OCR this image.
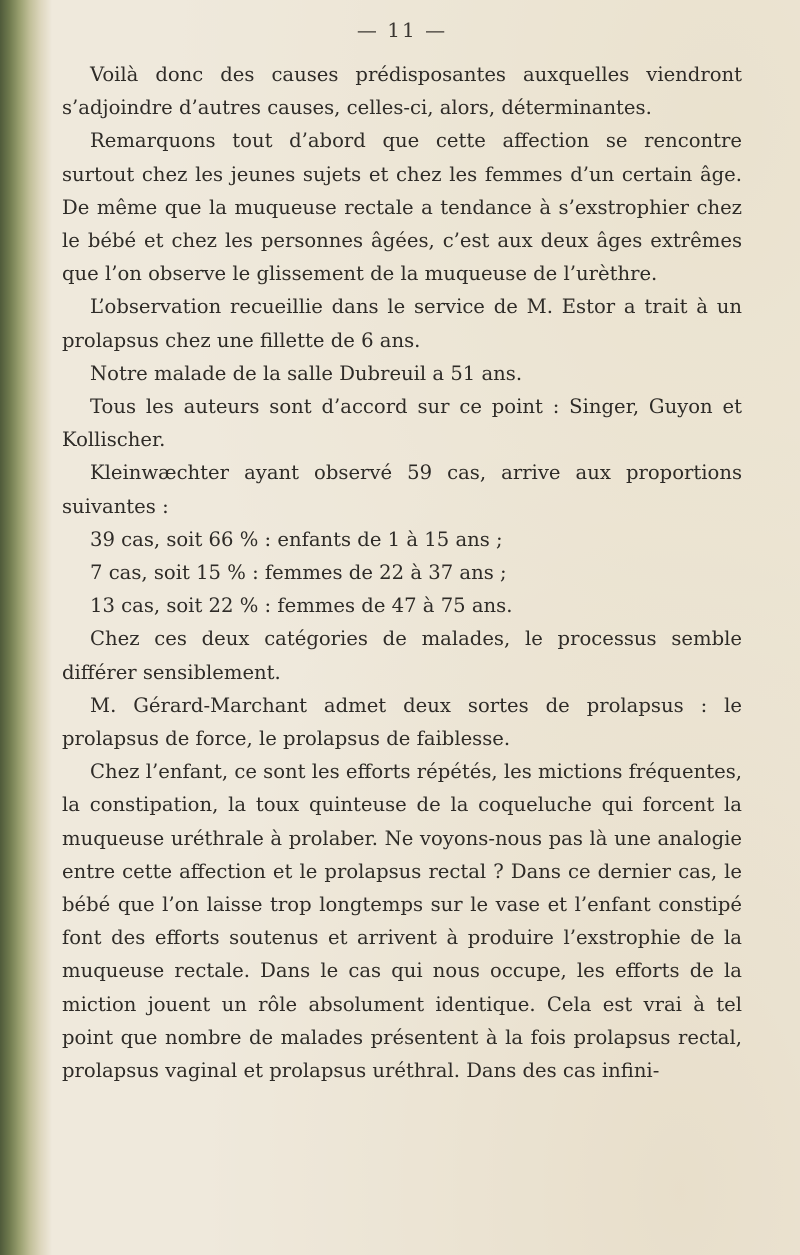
— 11 —

Voilà donc des causes prédisposantes auxquelles viendront s’adjoindre d’autres causes, celles-ci, alors, déterminantes.

Remarquons tout d’abord que cette affection se rencontre surtout chez les jeunes sujets et chez les femmes d’un certain âge. De même que la muqueuse rectale a tendance à s’exstrophier chez le bébé et chez les personnes âgées, c’est aux deux âges extrêmes que l’on observe le glissement de la muqueuse de l’urèthre.

L’observation recueillie dans le service de M. Estor a trait à un prolapsus chez une fillette de 6 ans.

Notre malade de la salle Dubreuil a 51 ans.

Tous les auteurs sont d’accord sur ce point : Singer, Guyon et Kollischer.

Kleinwæchter ayant observé 59 cas, arrive aux proportions suivantes :

39 cas, soit 66 % : enfants de 1 à 15 ans ;

7 cas, soit 15 % : femmes de 22 à 37 ans ;

13 cas, soit 22 % : femmes de 47 à 75 ans.

Chez ces deux catégories de malades, le processus semble différer sensiblement.

M. Gérard-Marchant admet deux sortes de prolapsus : le prolapsus de force, le prolapsus de faiblesse.

Chez l’enfant, ce sont les efforts répétés, les mictions fréquentes, la constipation, la toux quinteuse de la coqueluche qui forcent la muqueuse uréthrale à prolaber. Ne voyons-nous pas là une analogie entre cette affection et le prolapsus rectal ? Dans ce dernier cas, le bébé que l’on laisse trop longtemps sur le vase et l’enfant constipé font des efforts soutenus et arrivent à produire l’exstrophie de la muqueuse rectale. Dans le cas qui nous occupe, les efforts de la miction jouent un rôle absolument identique. Cela est vrai à tel point que nombre de malades présentent à la fois prolapsus rectal, prolapsus vaginal et prolapsus uréthral. Dans des cas infini-
